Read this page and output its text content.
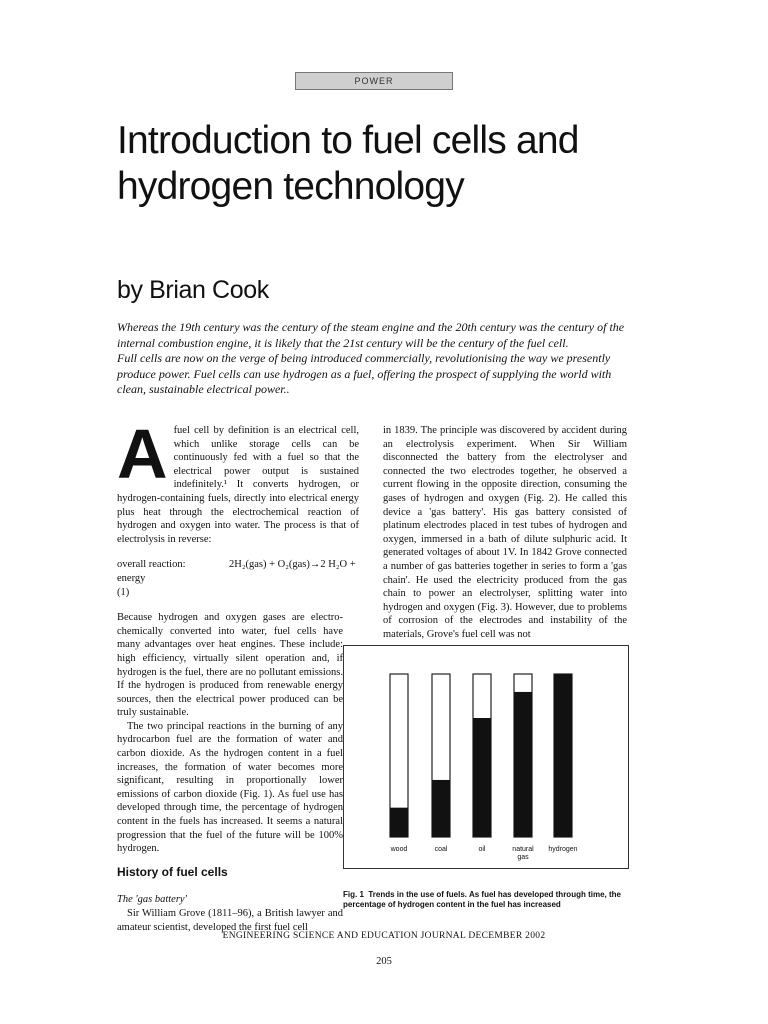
POWER
Introduction to fuel cells and hydrogen technology
by Brian Cook

Whereas the 19th century was the century of the steam engine and the 20th century was the century of the internal combustion engine, it is likely that the 21st century will be the century of the fuel cell.

Full cells are now on the verge of being introduced commercially, revolutionising the way we presently produce power. Fuel cells can use hydrogen as a fuel, offering the prospect of supplying the world with clean, sustainable electrical power..

Afuel cell by definition is an electrical cell, which unlike storage cells can be continuously fed with a fuel so that the electrical power output is sustained indefinitely.¹ It converts hydrogen, or hydrogen-containing fuels, directly into electrical energy plus heat through the electrochemical reaction of hydrogen and oxygen into water. The process is that of electrolysis in reverse:

overall reaction:	2H₂(gas) + O₂(gas)→2 H₂O + energy
(1)

Because hydrogen and oxygen gases are electro-chemically converted into water, fuel cells have many advantages over heat engines. These include: high efficiency, virtually silent operation and, if hydrogen is the fuel, there are no pollutant emissions. If the hydrogen is produced from renewable energy sources, then the electrical power produced can be truly sustainable.

The two principal reactions in the burning of any hydrocarbon fuel are the formation of water and carbon dioxide. As the hydrogen content in a fuel increases, the formation of water becomes more significant, resulting in proportionally lower emissions of carbon dioxide (Fig. 1). As fuel use has developed through time, the percentage of hydrogen content in the fuels has increased. It seems a natural progression that the fuel of the future will be 100% hydrogen.

History of fuel cells

The 'gas battery'

Sir William Grove (1811–96), a British lawyer and amateur scientist, developed the first fuel cell

in 1839. The principle was discovered by accident during an electrolysis experiment. When Sir William disconnected the battery from the electrolyser and connected the two electrodes together, he observed a current flowing in the opposite direction, consuming the gases of hydrogen and oxygen (Fig. 2). He called this device a 'gas battery'. His gas battery consisted of platinum electrodes placed in test tubes of hydrogen and oxygen, immersed in a bath of dilute sulphuric acid. It generated voltages of about 1V. In 1842 Grove connected a number of gas batteries together in series to form a 'gas chain'. He used the electricity produced from the gas chain to power an electrolyser, splitting water into hydrogen and oxygen (Fig. 3). However, due to problems of corrosion of the electrodes and instability of the materials, Grove's fuel cell was not

wood	coal	oil	natural
gas
hydrogen
Fig. 1 Trends in the use of fuels. As fuel has developed through time, the percentage of hydrogen content in the fuel has increased
ENGINEERING SCIENCE AND EDUCATION JOURNAL DECEMBER 2002
205
